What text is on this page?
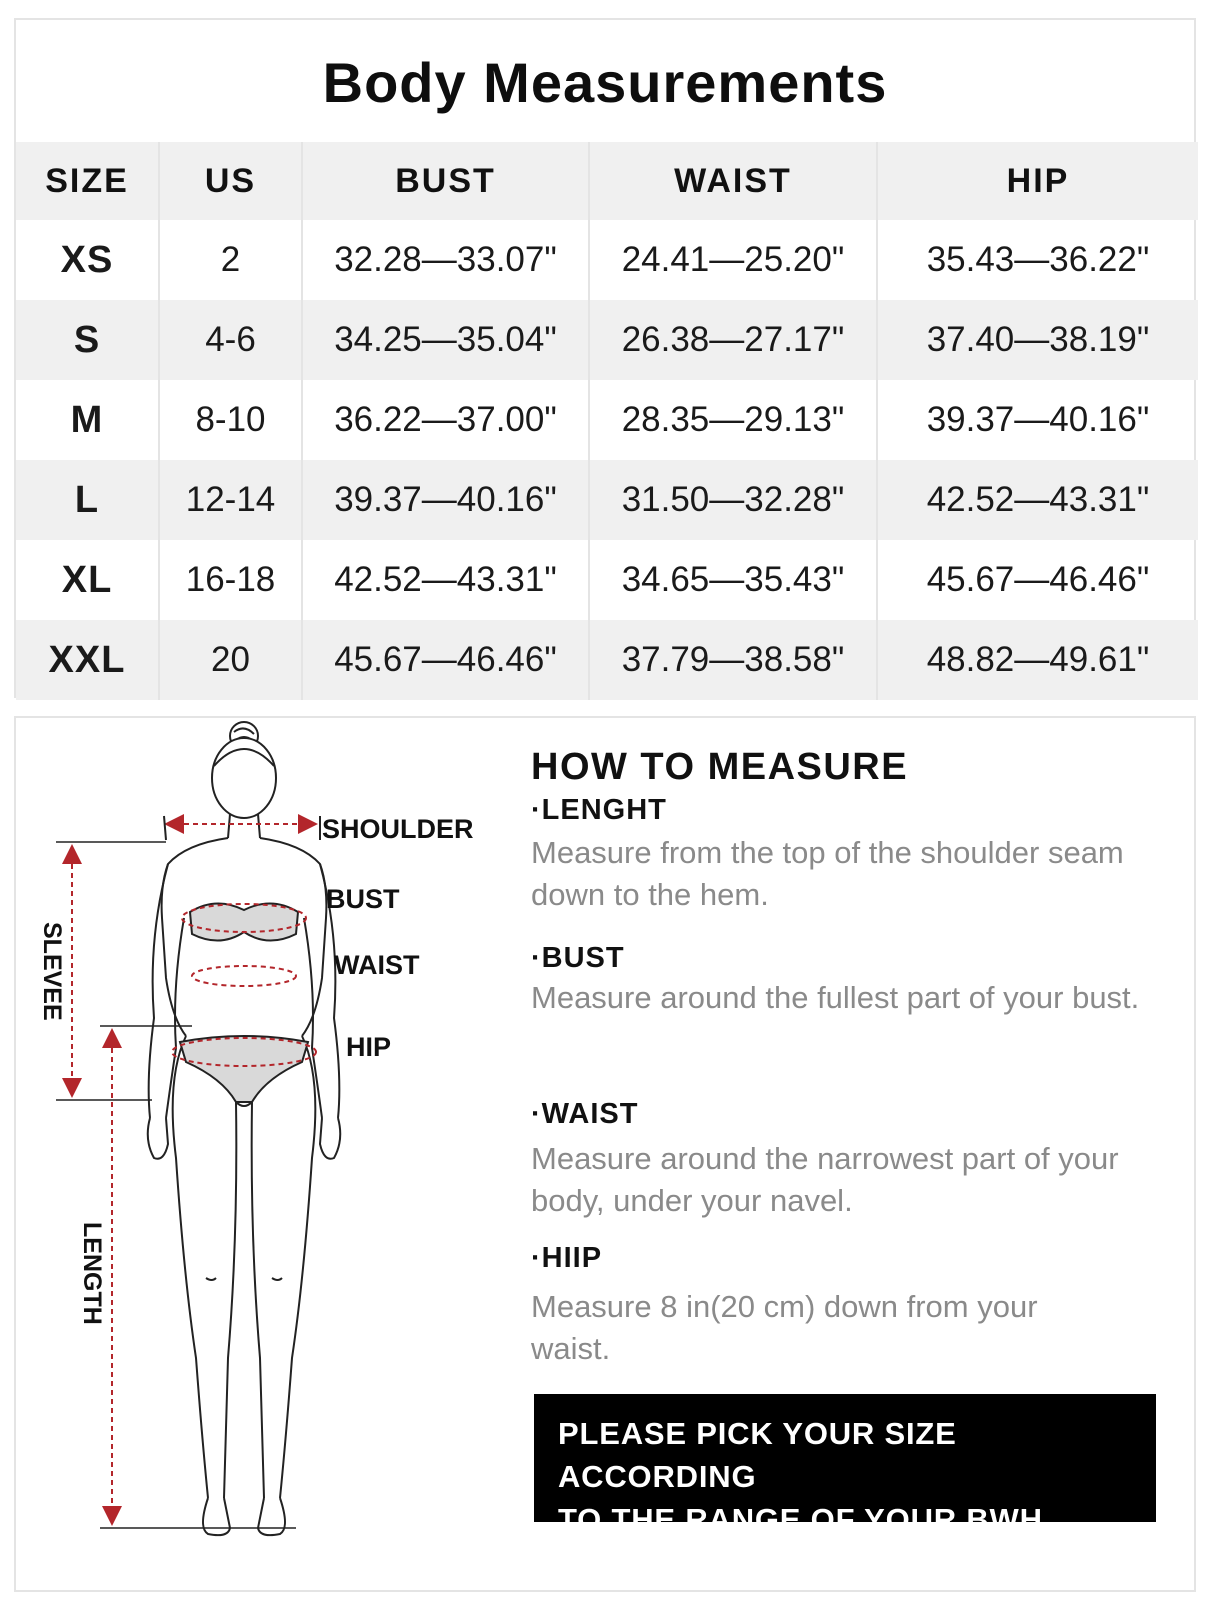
Body Measurements
SIZE	US	BUST	WAIST	HIP
XS	2	32.28—33.07"	24.41—25.20"	35.43—36.22"
S	4-6	34.25—35.04"	26.38—27.17"	37.40—38.19"
M	8-10	36.22—37.00"	28.35—29.13"	39.37—40.16"
L	12-14	39.37—40.16"	31.50—32.28"	42.52—43.31"
XL	16-18	42.52—43.31"	34.65—35.43"	45.67—46.46"
XXL	20	45.67—46.46"	37.79—38.58"	48.82—49.61"
SHOULDER
BUST
WAIST
HIP
SLEVEE
LENGTH
HOW TO MEASURE
·LENGHT
Measure from the top of the shoulder seam down to the hem.
·BUST
Measure around the fullest part of your bust.
·WAIST
Measure around the narrowest part of your body, under your navel.
·HIIP
Measure 8 in(20 cm) down from your waist.
PLEASE PICK YOUR SIZE ACCORDING
TO THE RANGE OF YOUR BWH.
